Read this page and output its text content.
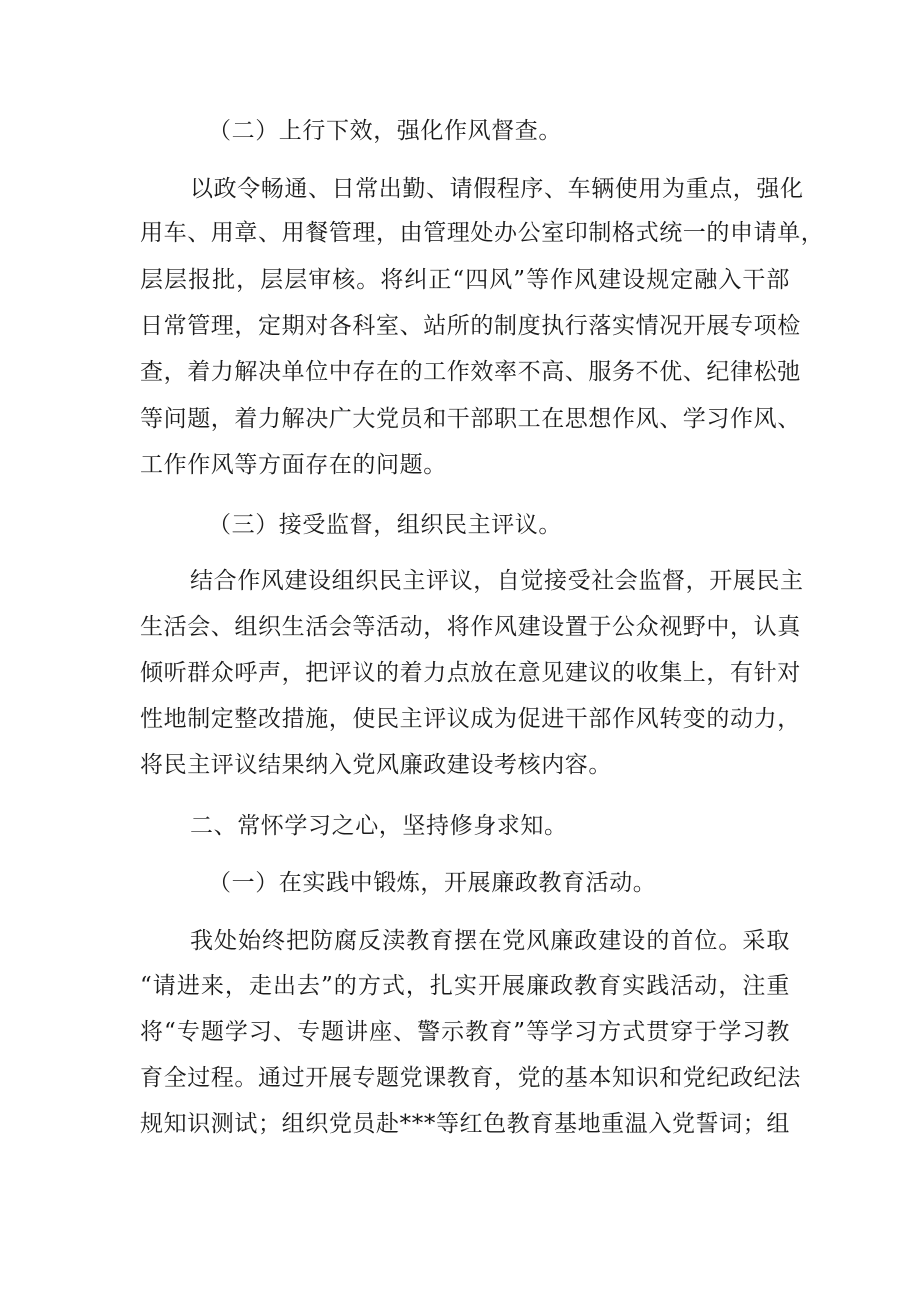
（二）上行下效，强化作风督查。
以政令畅通、日常出勤、请假程序、车辆使用为重点，强化
用车、用章、用餐管理，由管理处办公室印制格式统一的申请单，
层层报批，层层审核。将纠正“四风”等作风建设规定融入干部
日常管理，定期对各科室、站所的制度执行落实情况开展专项检
查，着力解决单位中存在的工作效率不高、服务不优、纪律松弛
等问题，着力解决广大党员和干部职工在思想作风、学习作风、
工作作风等方面存在的问题。
（三）接受监督，组织民主评议。
结合作风建设组织民主评议，自觉接受社会监督，开展民主
生活会、组织生活会等活动，将作风建设置于公众视野中，认真
倾听群众呼声，把评议的着力点放在意见建议的收集上，有针对
性地制定整改措施，使民主评议成为促进干部作风转变的动力，
将民主评议结果纳入党风廉政建设考核内容。
二、常怀学习之心，坚持修身求知。
（一）在实践中锻炼，开展廉政教育活动。
我处始终把防腐反渎教育摆在党风廉政建设的首位。采取
“请进来，走出去”的方式，扎实开展廉政教育实践活动，注重
将“专题学习、专题讲座、警示教育”等学习方式贯穿于学习教
育全过程。通过开展专题党课教育，党的基本知识和党纪政纪法
规知识测试；组织党员赴***等红色教育基地重温入党誓词；组
